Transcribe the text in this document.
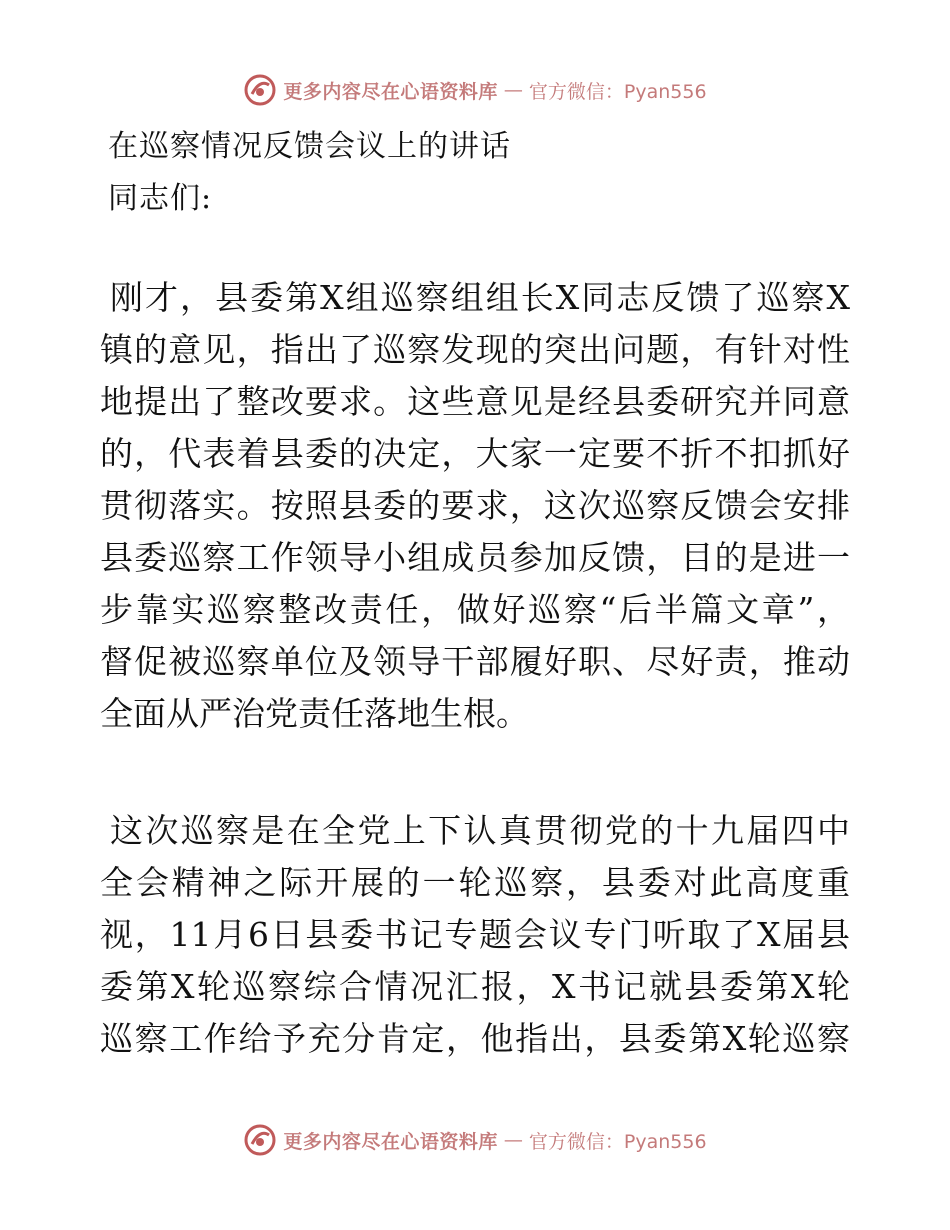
更多内容尽在心语资料库 — 官方微信：Pyan556
在巡察情况反馈会议上的讲话
同志们:
刚才，县委第X组巡察组组长X同志反馈了巡察X
镇的意见，指出了巡察发现的突出问题，有针对性
地提出了整改要求。这些意见是经县委研究并同意
的，代表着县委的决定，大家一定要不折不扣抓好
贯彻落实。按照县委的要求，这次巡察反馈会安排
县委巡察工作领导小组成员参加反馈，目的是进一
步靠实巡察整改责任，做好巡察“后半篇文章”，
督促被巡察单位及领导干部履好职、尽好责，推动
全面从严治党责任落地生根。
这次巡察是在全党上下认真贯彻党的十九届四中
全会精神之际开展的一轮巡察，县委对此高度重
视，11月6日县委书记专题会议专门听取了X届县
委第X轮巡察综合情况汇报，X书记就县委第X轮
巡察工作给予充分肯定，他指出，县委第X轮巡察
更多内容尽在心语资料库 — 官方微信：Pyan556
